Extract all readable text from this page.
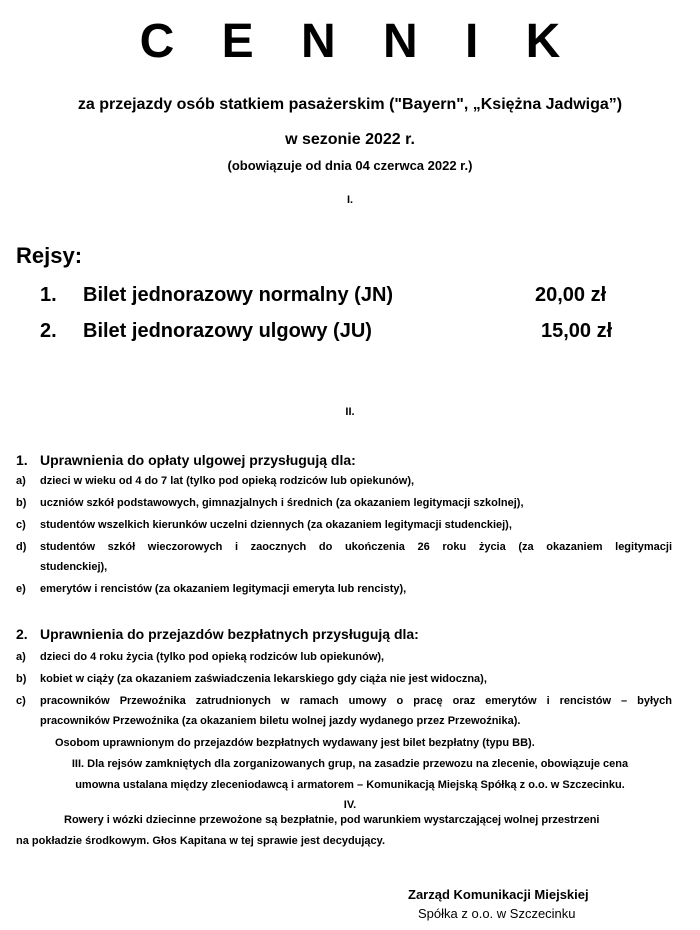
C E N N I K
za przejazdy osób statkiem pasażerskim ("Bayern", „Księżna Jadwiga”)
w sezonie 2022 r.
(obowiązuje od dnia 04 czerwca 2022 r.)
I.
Rejsy:
1. Bilet jednorazowy normalny (JN)	20,00 zł
2. Bilet jednorazowy ulgowy (JU)	15,00 zł
II.
1. Uprawnienia do opłaty ulgowej przysługują dla:
a) dzieci w wieku od 4 do 7 lat (tylko pod opieką rodziców lub opiekunów),
b) uczniów szkół podstawowych, gimnazjalnych i średnich (za okazaniem legitymacji szkolnej),
c) studentów wszelkich kierunków uczelni dziennych (za okazaniem legitymacji studenckiej),
d) studentów szkół wieczorowych i zaocznych do ukończenia 26 roku życia (za okazaniem legitymacji
studenckiej),
e) emerytów i rencistów (za okazaniem legitymacji emeryta lub rencisty),
2. Uprawnienia do przejazdów bezpłatnych przysługują dla:
a) dzieci do 4 roku życia (tylko pod opieką rodziców lub opiekunów),
b) kobiet w ciąży (za okazaniem zaświadczenia lekarskiego gdy ciąża nie jest widoczna),
c) pracowników Przewoźnika zatrudnionych w ramach umowy o pracę oraz emerytów i rencistów – byłych
pracowników Przewoźnika (za okazaniem biletu wolnej jazdy wydanego przez Przewoźnika).
Osobom uprawnionym do przejazdów bezpłatnych wydawany jest bilet bezpłatny (typu BB).
III. Dla rejsów zamkniętych dla zorganizowanych grup, na zasadzie przewozu na zlecenie, obowiązuje cena
umowna ustalana między zleceniodawcą i armatorem – Komunikacją Miejską Spółką z o.o. w Szczecinku.
IV.
Rowery i wózki dziecinne przewożone są bezpłatnie, pod warunkiem wystarczającej wolnej przestrzeni
na pokładzie środkowym. Głos Kapitana w tej sprawie jest decydujący.
Zarząd Komunikacji Miejskiej
Spółka z o.o. w Szczecinku
